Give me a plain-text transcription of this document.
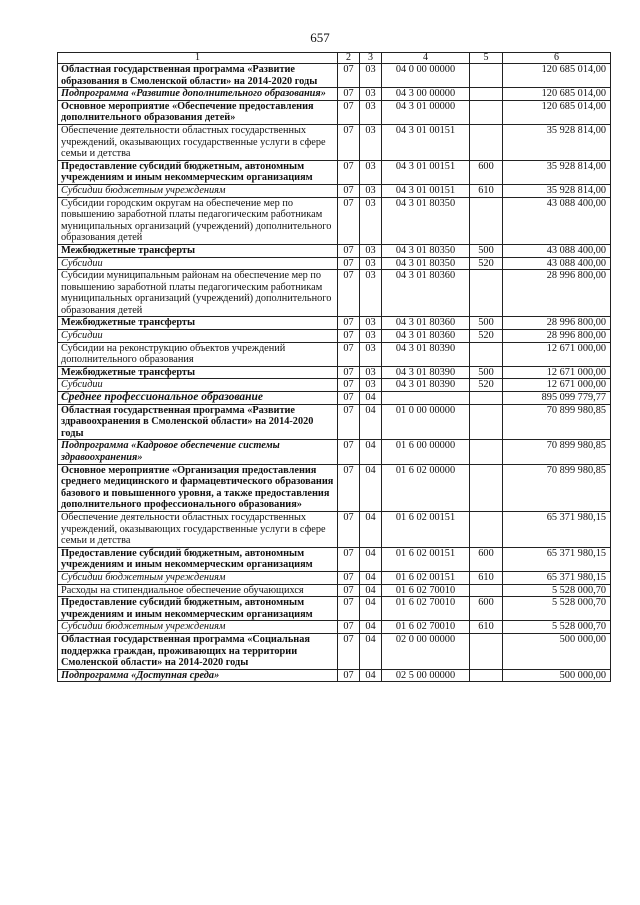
657
1	2	3	4	5	6
Областная государственная программа «Развитие образования в Смоленской области» на 2014-2020 годы	07	03	04 0 00 00000		120 685 014,00
Подпрограмма «Развитие дополнительного образования»	07	03	04 3 00 00000		120 685 014,00
Основное мероприятие «Обеспечение предоставления дополнительного образования детей»	07	03	04 3 01 00000		120 685 014,00
Обеспечение деятельности областных государственных учреждений, оказывающих государственные услуги в сфере семьи и детства	07	03	04 3 01 00151		35 928 814,00
Предоставление субсидий бюджетным, автономным учреждениям и иным некоммерческим организациям	07	03	04 3 01 00151	600	35 928 814,00
Субсидии бюджетным учреждениям	07	03	04 3 01 00151	610	35 928 814,00
Субсидии городским округам на обеспечение мер по повышению заработной платы педагогическим работникам муниципальных организаций (учреждений) дополнительного образования детей	07	03	04 3 01 80350		43 088 400,00
Межбюджетные трансферты	07	03	04 3 01 80350	500	43 088 400,00
Субсидии	07	03	04 3 01 80350	520	43 088 400,00
Субсидии муниципальным районам на обеспечение мер по повышению заработной платы педагогическим работникам муниципальных организаций (учреждений) дополнительного образования детей	07	03	04 3 01 80360		28 996 800,00
Межбюджетные трансферты	07	03	04 3 01 80360	500	28 996 800,00
Субсидии	07	03	04 3 01 80360	520	28 996 800,00
Субсидии на реконструкцию объектов учреждений дополнительного образования	07	03	04 3 01 80390		12 671 000,00
Межбюджетные трансферты	07	03	04 3 01 80390	500	12 671 000,00
Субсидии	07	03	04 3 01 80390	520	12 671 000,00
Среднее профессиональное образование	07	04			895 099 779,77
Областная государственная программа «Развитие здравоохранения в Смоленской области» на 2014-2020 годы	07	04	01 0 00 00000		70 899 980,85
Подпрограмма «Кадровое обеспечение системы здравоохранения»	07	04	01 6 00 00000		70 899 980,85
Основное мероприятие «Организация предоставления среднего медицинского и фармацевтического образования базового и повышенного уровня, а также предоставления дополнительного профессионального образования»	07	04	01 6 02 00000		70 899 980,85
Обеспечение деятельности областных государственных учреждений, оказывающих государственные услуги в сфере семьи и детства	07	04	01 6 02 00151		65 371 980,15
Предоставление субсидий бюджетным, автономным учреждениям и иным некоммерческим организациям	07	04	01 6 02 00151	600	65 371 980,15
Субсидии бюджетным учреждениям	07	04	01 6 02 00151	610	65 371 980,15
Расходы на стипендиальное обеспечение обучающихся	07	04	01 6 02 70010		5 528 000,70
Предоставление субсидий бюджетным, автономным учреждениям и иным некоммерческим организациям	07	04	01 6 02 70010	600	5 528 000,70
Субсидии бюджетным учреждениям	07	04	01 6 02 70010	610	5 528 000,70
Областная государственная программа «Социальная поддержка граждан, проживающих на территории Смоленской области» на 2014-2020 годы	07	04	02 0 00 00000		500 000,00
Подпрограмма «Доступная среда»	07	04	02 5 00 00000		500 000,00
